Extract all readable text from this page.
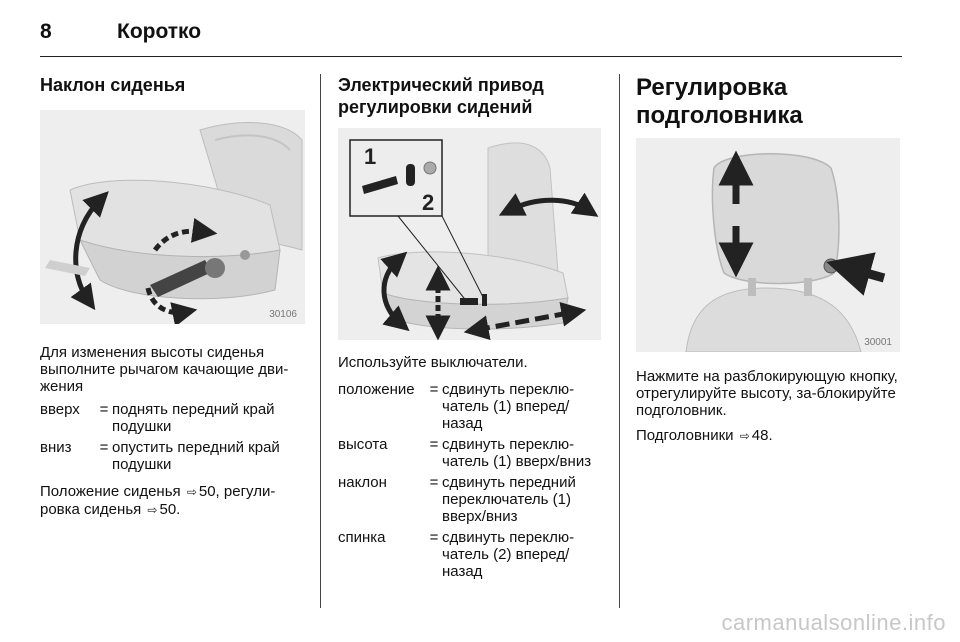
8	Коротко
Наклон сиденья
30106

Для изменения высоты сиденья выполните рычагом качающие дви-жения

вверх	= поднять передний край подушки
вниз	= опустить передний край подушки

Положение сиденья ⇨ 50, регули-ровка сиденья ⇨ 50.

Электрический привод регулировки сидений
1
2

Используйте выключатели.

положение = сдвинуть переклю-чатель (1) вперед/назад
высота	= сдвинуть переклю-чатель (1) вверх/вниз
наклон	= сдвинуть передний переключатель (1) вверх/вниз
спинка	= сдвинуть переклю-чатель (2) вперед/назад
Регулировка подголовника
30001

Нажмите на разблокирующую кнопку, отрегулируйте высоту, за-блокируйте подголовник.

Подголовники ⇨ 48.

carmanualsonline.info
